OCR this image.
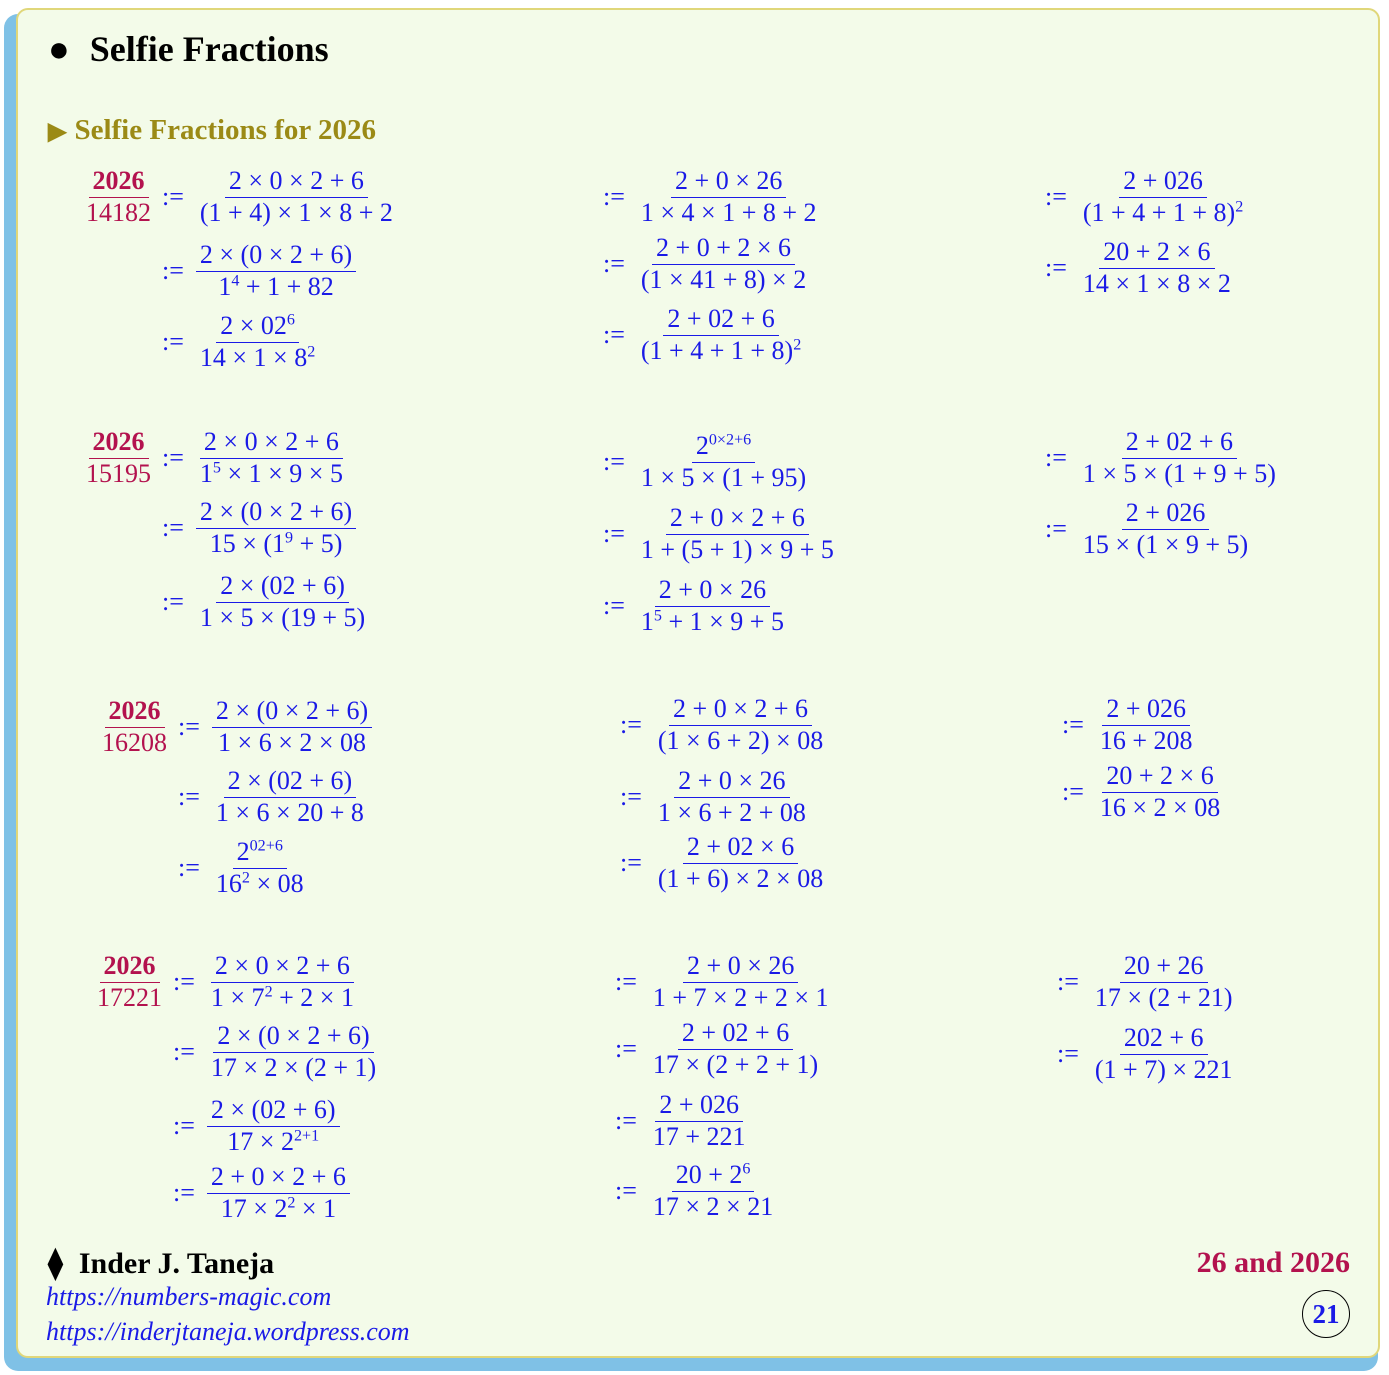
● Selfie Fractions
▶ Selfie Fractions for 2026
⧫ Inder J. Taneja
https://numbers-magic.com
https://inderjtaneja.wordpress.com
26 and 2026
21
$\frac{2026}{14182}$
$\frac{2026}{15195}$
$\frac{2026}{16208}$
$\frac{2026}{17221}$
:= $\frac{2 \times 0 \times 2 + 6}{(1 + 4) \times 1 \times 8 + 2}$
:= $\frac{2 \times (0 \times 2 + 6)}{1^4 + 1 + 82}$
:= $\frac{2 \times 02^6}{14 \times 1 \times 8^2}$
:= $\frac{2 + 0 \times 26}{1 \times 4 \times 1 + 8 + 2}$
:= $\frac{2 + 0 + 2 \times 6}{(1 \times 41 + 8) \times 2}$
:= $\frac{2 + 02 + 6}{(1 + 4 + 1 + 8)^2}$
:= $\frac{2 + 026}{(1 + 4 + 1 + 8)^2}$
:= $\frac{20 + 2 \times 6}{14 \times 1 \times 8 \times 2}$
:= $\frac{2 \times 0 \times 2 + 6}{1^5 \times 1 \times 9 \times 5}$
:= $\frac{2 \times (0 \times 2 + 6)}{15 \times (1^9 + 5)}$
:= $\frac{2 \times (02 + 6)}{1 \times 5 \times (19 + 5)}$
:= $\frac{2^{0\times 2+6}}{1 \times 5 \times (1 + 95)}$
:= $\frac{2 + 0 \times 2 + 6}{1 + (5 + 1) \times 9 + 5}$
:= $\frac{2 + 0 \times 26}{1^5 + 1 \times 9 + 5}$
:= $\frac{2 + 02 + 6}{1 \times 5 \times (1 + 9 + 5)}$
:= $\frac{2 + 026}{15 \times (1 \times 9 + 5)}$
:= $\frac{2 \times (0 \times 2 + 6)}{1 \times 6 \times 2 \times 08}$
:= $\frac{2 \times (02 + 6)}{1 \times 6 \times 20 + 8}$
:= $\frac{2^{02+6}}{16^2 \times 08}$
:= $\frac{2 + 0 \times 2 + 6}{(1 \times 6 + 2) \times 08}$
:= $\frac{2 + 0 \times 26}{1 \times 6 + 2 + 08}$
:= $\frac{2 + 02 \times 6}{(1 + 6) \times 2 \times 08}$
:= $\frac{2 + 026}{16 + 208}$
:= $\frac{20 + 2 \times 6}{16 \times 2 \times 08}$
:= $\frac{2 \times 0 \times 2 + 6}{1 \times 7^2 + 2 \times 1}$
:= $\frac{2 \times (0 \times 2 + 6)}{17 \times 2 \times (2 + 1)}$
:= $\frac{2 \times (02 + 6)}{17 \times 2^{2+1}}$
:= $\frac{2 + 0 \times 2 + 6}{17 \times 2^2 \times 1}$
:= $\frac{2 + 0 \times 26}{1 + 7 \times 2 + 2 \times 1}$
:= $\frac{2 + 02 + 6}{17 \times (2 + 2 + 1)}$
:= $\frac{2 + 026}{17 + 221}$
:= $\frac{20 + 2^6}{17 \times 2 \times 21}$
:= $\frac{20 + 26}{17 \times (2 + 21)}$
:= $\frac{202 + 6}{(1 + 7) \times 221}$
